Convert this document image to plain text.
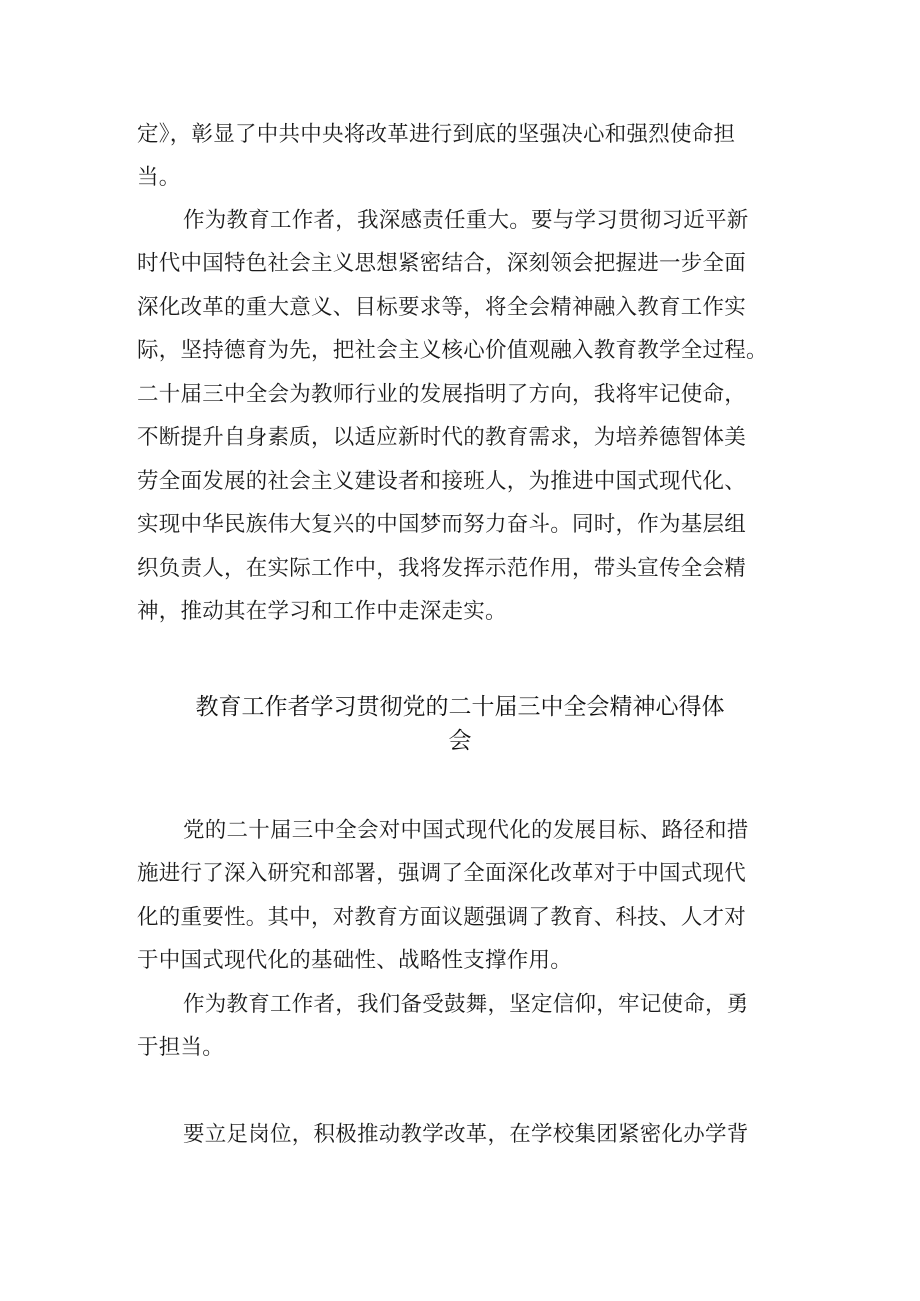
定》，彰显了中共中央将改革进行到底的坚强决心和强烈使命担
当。
作为教育工作者，我深感责任重大。要与学习贯彻习近平新
时代中国特色社会主义思想紧密结合，深刻领会把握进一步全面
深化改革的重大意义、目标要求等，将全会精神融入教育工作实
际，坚持德育为先，把社会主义核心价值观融入教育教学全过程。
二十届三中全会为教师行业的发展指明了方向，我将牢记使命，
不断提升自身素质，以适应新时代的教育需求，为培养德智体美
劳全面发展的社会主义建设者和接班人，为推进中国式现代化、
实现中华民族伟大复兴的中国梦而努力奋斗。同时，作为基层组
织负责人，在实际工作中，我将发挥示范作用，带头宣传全会精
神，推动其在学习和工作中走深走实。
教育工作者学习贯彻党的二十届三中全会精神心得体
会
党的二十届三中全会对中国式现代化的发展目标、路径和措
施进行了深入研究和部署，强调了全面深化改革对于中国式现代
化的重要性。其中，对教育方面议题强调了教育、科技、人才对
于中国式现代化的基础性、战略性支撑作用。
作为教育工作者，我们备受鼓舞，坚定信仰，牢记使命，勇
于担当。
要立足岗位，积极推动教学改革，在学校集团紧密化办学背
